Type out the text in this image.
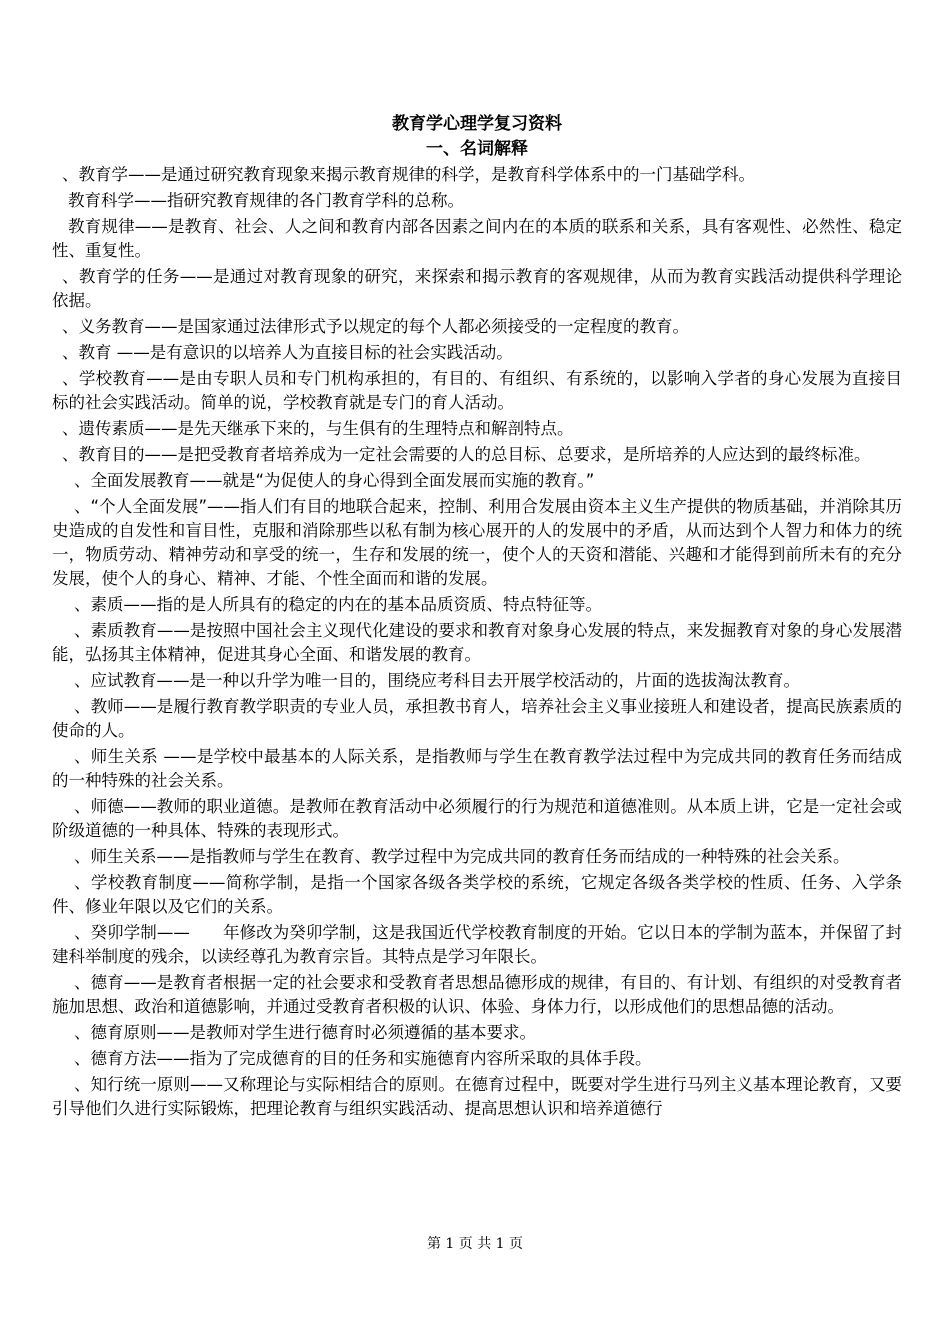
教育学心理学复习资料
一、名词解释

、教育学——是通过研究教育现象来揭示教育规律的科学，是教育科学体系中的一门基础学科。

教育科学——指研究教育规律的各门教育学科的总称。

教育规律——是教育、社会、人之间和教育内部各因素之间内在的本质的联系和关系，具有客观性、必然性、稳定性、重复性。

、教育学的任务——是通过对教育现象的研究，来探索和揭示教育的客观规律，从而为教育实践活动提供科学理论依据。

、义务教育——是国家通过法律形式予以规定的每个人都必须接受的一定程度的教育。

、教育 ——是有意识的以培养人为直接目标的社会实践活动。

、学校教育——是由专职人员和专门机构承担的，有目的、有组织、有系统的，以影响入学者的身心发展为直接目标的社会实践活动。简单的说，学校教育就是专门的育人活动。

、遗传素质——是先天继承下来的，与生俱有的生理特点和解剖特点。

、教育目的——是把受教育者培养成为一定社会需要的人的总目标、总要求，是所培养的人应达到的最终标准。

、全面发展教育——就是“为促使人的身心得到全面发展而实施的教育。”

、“个人全面发展”——指人们有目的地联合起来，控制、利用合发展由资本主义生产提供的物质基础，并消除其历史造成的自发性和盲目性，克服和消除那些以私有制为核心展开的人的发展中的矛盾，从而达到个人智力和体力的统一，物质劳动、精神劳动和享受的统一，生存和发展的统一，使个人的天资和潜能、兴趣和才能得到前所未有的充分发展，使个人的身心、精神、才能、个性全面而和谐的发展。

、素质——指的是人所具有的稳定的内在的基本品质资质、特点特征等。

、素质教育——是按照中国社会主义现代化建设的要求和教育对象身心发展的特点，来发掘教育对象的身心发展潜能，弘扬其主体精神，促进其身心全面、和谐发展的教育。

、应试教育——是一种以升学为唯一目的，围绕应考科目去开展学校活动的，片面的选拔淘汰教育。

、教师——是履行教育教学职责的专业人员，承担教书育人，培养社会主义事业接班人和建设者，提高民族素质的使命的人。

、师生关系 ——是学校中最基本的人际关系，是指教师与学生在教育教学法过程中为完成共同的教育任务而结成的一种特殊的社会关系。

、师德——教师的职业道德。是教师在教育活动中必须履行的行为规范和道德准则。从本质上讲，它是一定社会或阶级道德的一种具体、特殊的表现形式。

、师生关系——是指教师与学生在教育、教学过程中为完成共同的教育任务而结成的一种特殊的社会关系。

、学校教育制度——简称学制，是指一个国家各级各类学校的系统，它规定各级各类学校的性质、任务、入学条件、修业年限以及它们的关系。

、癸卯学制——　　年修改为癸卯学制，这是我国近代学校教育制度的开始。它以日本的学制为蓝本，并保留了封建科举制度的残余，以读经尊孔为教育宗旨。其特点是学习年限长。

、德育——是教育者根据一定的社会要求和受教育者思想品德形成的规律，有目的、有计划、有组织的对受教育者施加思想、政治和道德影响，并通过受教育者积极的认识、体验、身体力行，以形成他们的思想品德的活动。

、德育原则——是教师对学生进行德育时必须遵循的基本要求。

、德育方法——指为了完成德育的目的任务和实施德育内容所采取的具体手段。

、知行统一原则——又称理论与实际相结合的原则。在德育过程中，既要对学生进行马列主义基本理论教育，又要引导他们久进行实际锻炼，把理论教育与组织实践活动、提高思想认识和培养道德行

第 1 页 共 1 页
